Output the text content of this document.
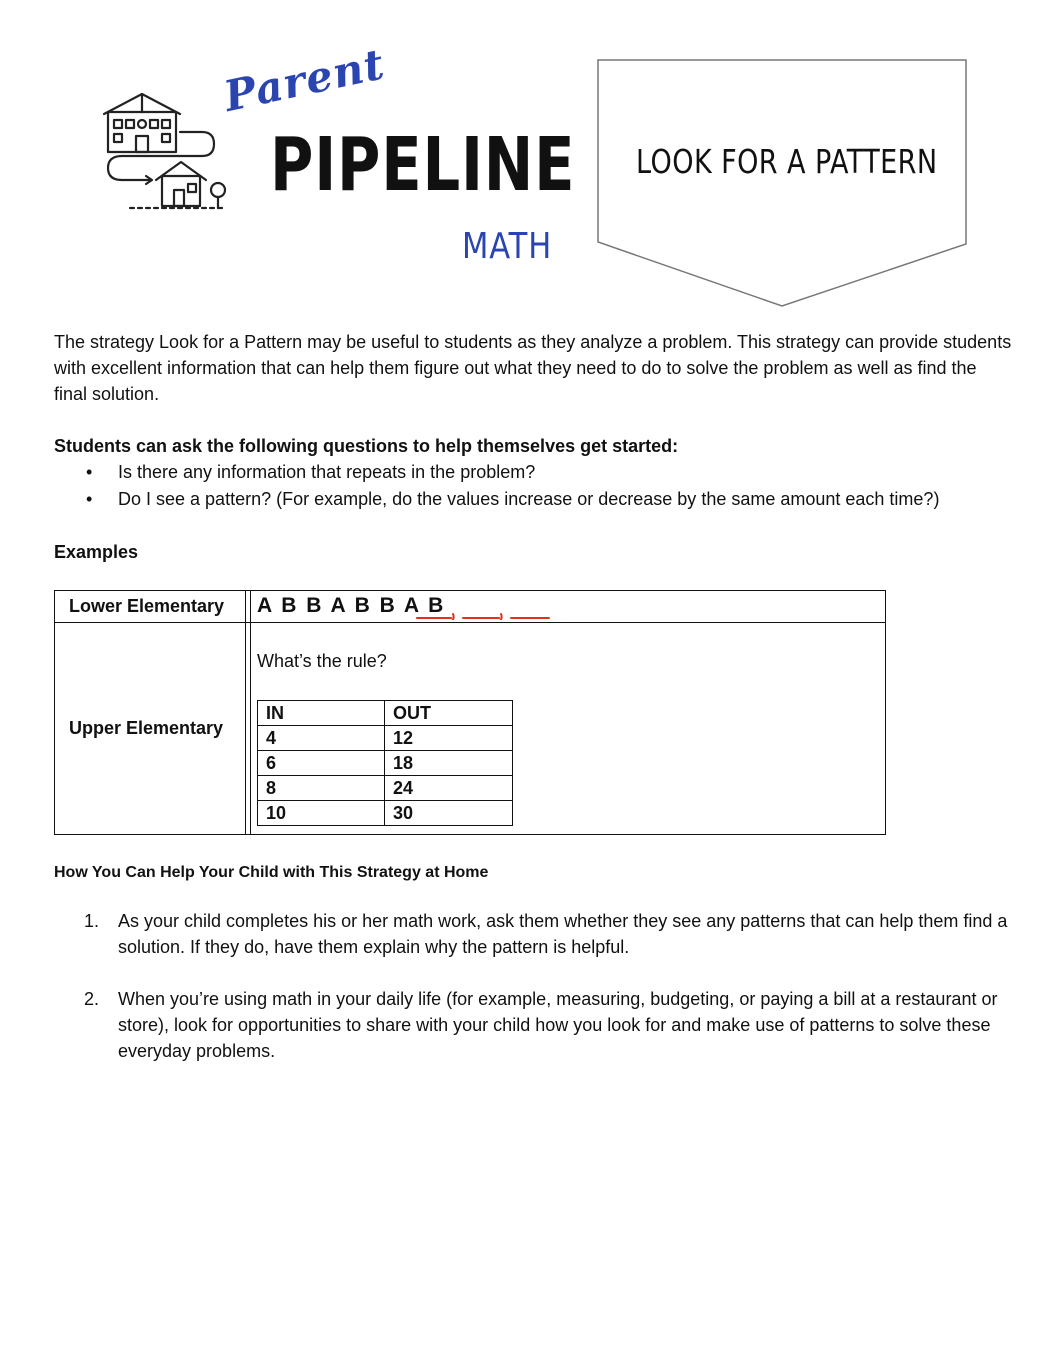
Parent
PIPELINE
MATH
LOOK FOR A PATTERN
The strategy Look for a Pattern may be useful to students as they analyze a problem. This strategy can provide students with excellent information that can help them figure out what they need to do to solve the problem as well as find the final solution.
Students can ask the following questions to help themselves get started:
• Is there any information that repeats in the problem?
• Do I see a pattern? (For example, do the values increase or decrease by the same amount each time?)
Examples
Lower Elementary A B B A B B A B
Upper Elementary
What’s the rule?
IN	OUT
4	12
6	18
8	24
10	30
How You Can Help Your Child with This Strategy at Home
1. As your child completes his or her math work, ask them whether they see any patterns that can help them find a solution. If they do, have them explain why the pattern is helpful.
2. When you’re using math in your daily life (for example, measuring, budgeting, or paying a bill at a restaurant or store), look for opportunities to share with your child how you look for and make use of patterns to solve these everyday problems.
